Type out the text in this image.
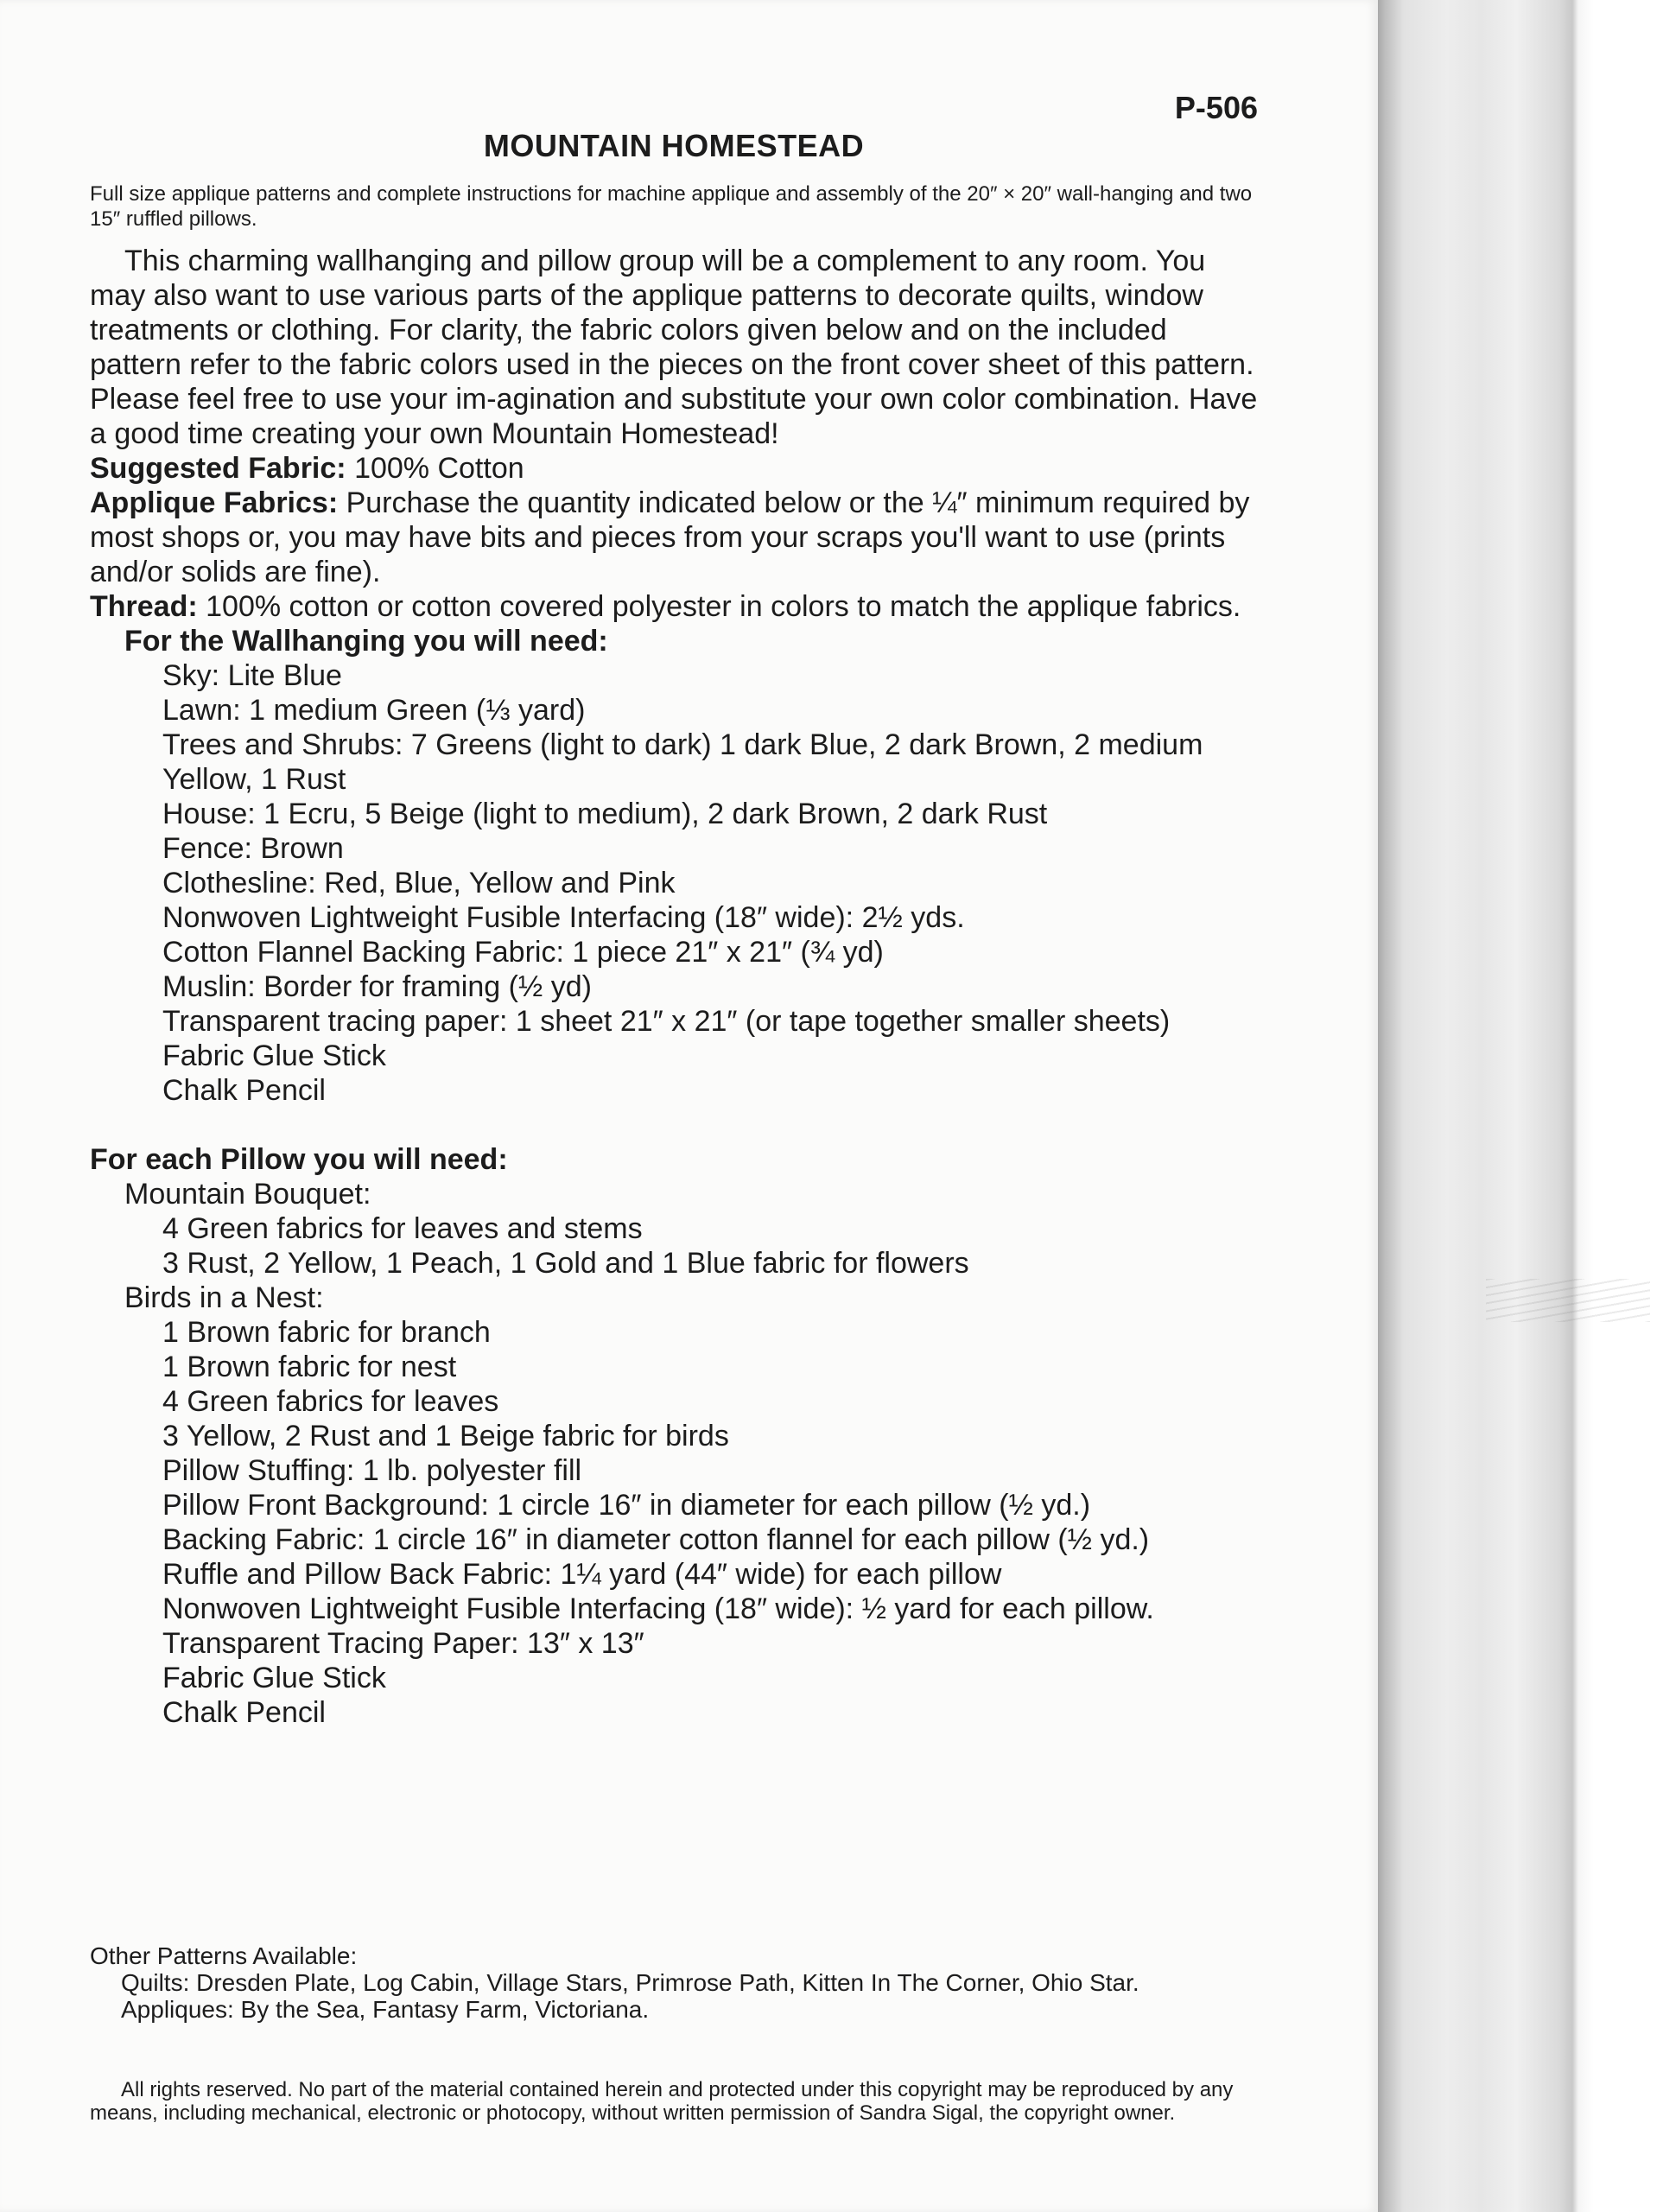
P-506

MOUNTAIN HOMESTEAD

Full size applique patterns and complete instructions for machine applique and assembly of the 20″ × 20″ wall-hanging and two 15″ ruffled pillows.

This charming wallhanging and pillow group will be a complement to any room. You may also want to use various parts of the applique patterns to decorate quilts, window treatments or clothing. For clarity, the fabric colors given below and on the included pattern refer to the fabric colors used in the pieces on the front cover sheet of this pattern. Please feel free to use your im-agination and substitute your own color combination. Have a good time creating your own Mountain Homestead!

Suggested Fabric: 100% Cotton

Applique Fabrics: Purchase the quantity indicated below or the ¼″ minimum required by most shops or, you may have bits and pieces from your scraps you'll want to use (prints and/or solids are fine).

Thread: 100% cotton or cotton covered polyester in colors to match the applique fabrics.

For the Wallhanging you will need:

Sky: Lite Blue
Lawn: 1 medium Green (⅓ yard)
Trees and Shrubs: 7 Greens (light to dark) 1 dark Blue, 2 dark Brown, 2 medium Yellow, 1 Rust
House: 1 Ecru, 5 Beige (light to medium), 2 dark Brown, 2 dark Rust
Fence: Brown
Clothesline: Red, Blue, Yellow and Pink
Nonwoven Lightweight Fusible Interfacing (18″ wide): 2½ yds.
Cotton Flannel Backing Fabric: 1 piece 21″ x 21″ (¾ yd)
Muslin: Border for framing (½ yd)
Transparent tracing paper: 1 sheet 21″ x 21″ (or tape together smaller sheets)
Fabric Glue Stick
Chalk Pencil

For each Pillow you will need:

Mountain Bouquet:

4 Green fabrics for leaves and stems
3 Rust, 2 Yellow, 1 Peach, 1 Gold and 1 Blue fabric for flowers

Birds in a Nest:

1 Brown fabric for branch
1 Brown fabric for nest
4 Green fabrics for leaves
3 Yellow, 2 Rust and 1 Beige fabric for birds
Pillow Stuffing: 1 lb. polyester fill
Pillow Front Background: 1 circle 16″ in diameter for each pillow (½ yd.)
Backing Fabric: 1 circle 16″ in diameter cotton flannel for each pillow (½ yd.)
Ruffle and Pillow Back Fabric: 1¼ yard (44″ wide) for each pillow
Nonwoven Lightweight Fusible Interfacing (18″ wide): ½ yard for each pillow.
Transparent Tracing Paper: 13″ x 13″
Fabric Glue Stick
Chalk Pencil

Other Patterns Available:

Quilts: Dresden Plate, Log Cabin, Village Stars, Primrose Path, Kitten In The Corner, Ohio Star.

Appliques: By the Sea, Fantasy Farm, Victoriana.

All rights reserved. No part of the material contained herein and protected under this copyright may be reproduced by any means, including mechanical, electronic or photocopy, without written permission of Sandra Sigal, the copyright owner.
